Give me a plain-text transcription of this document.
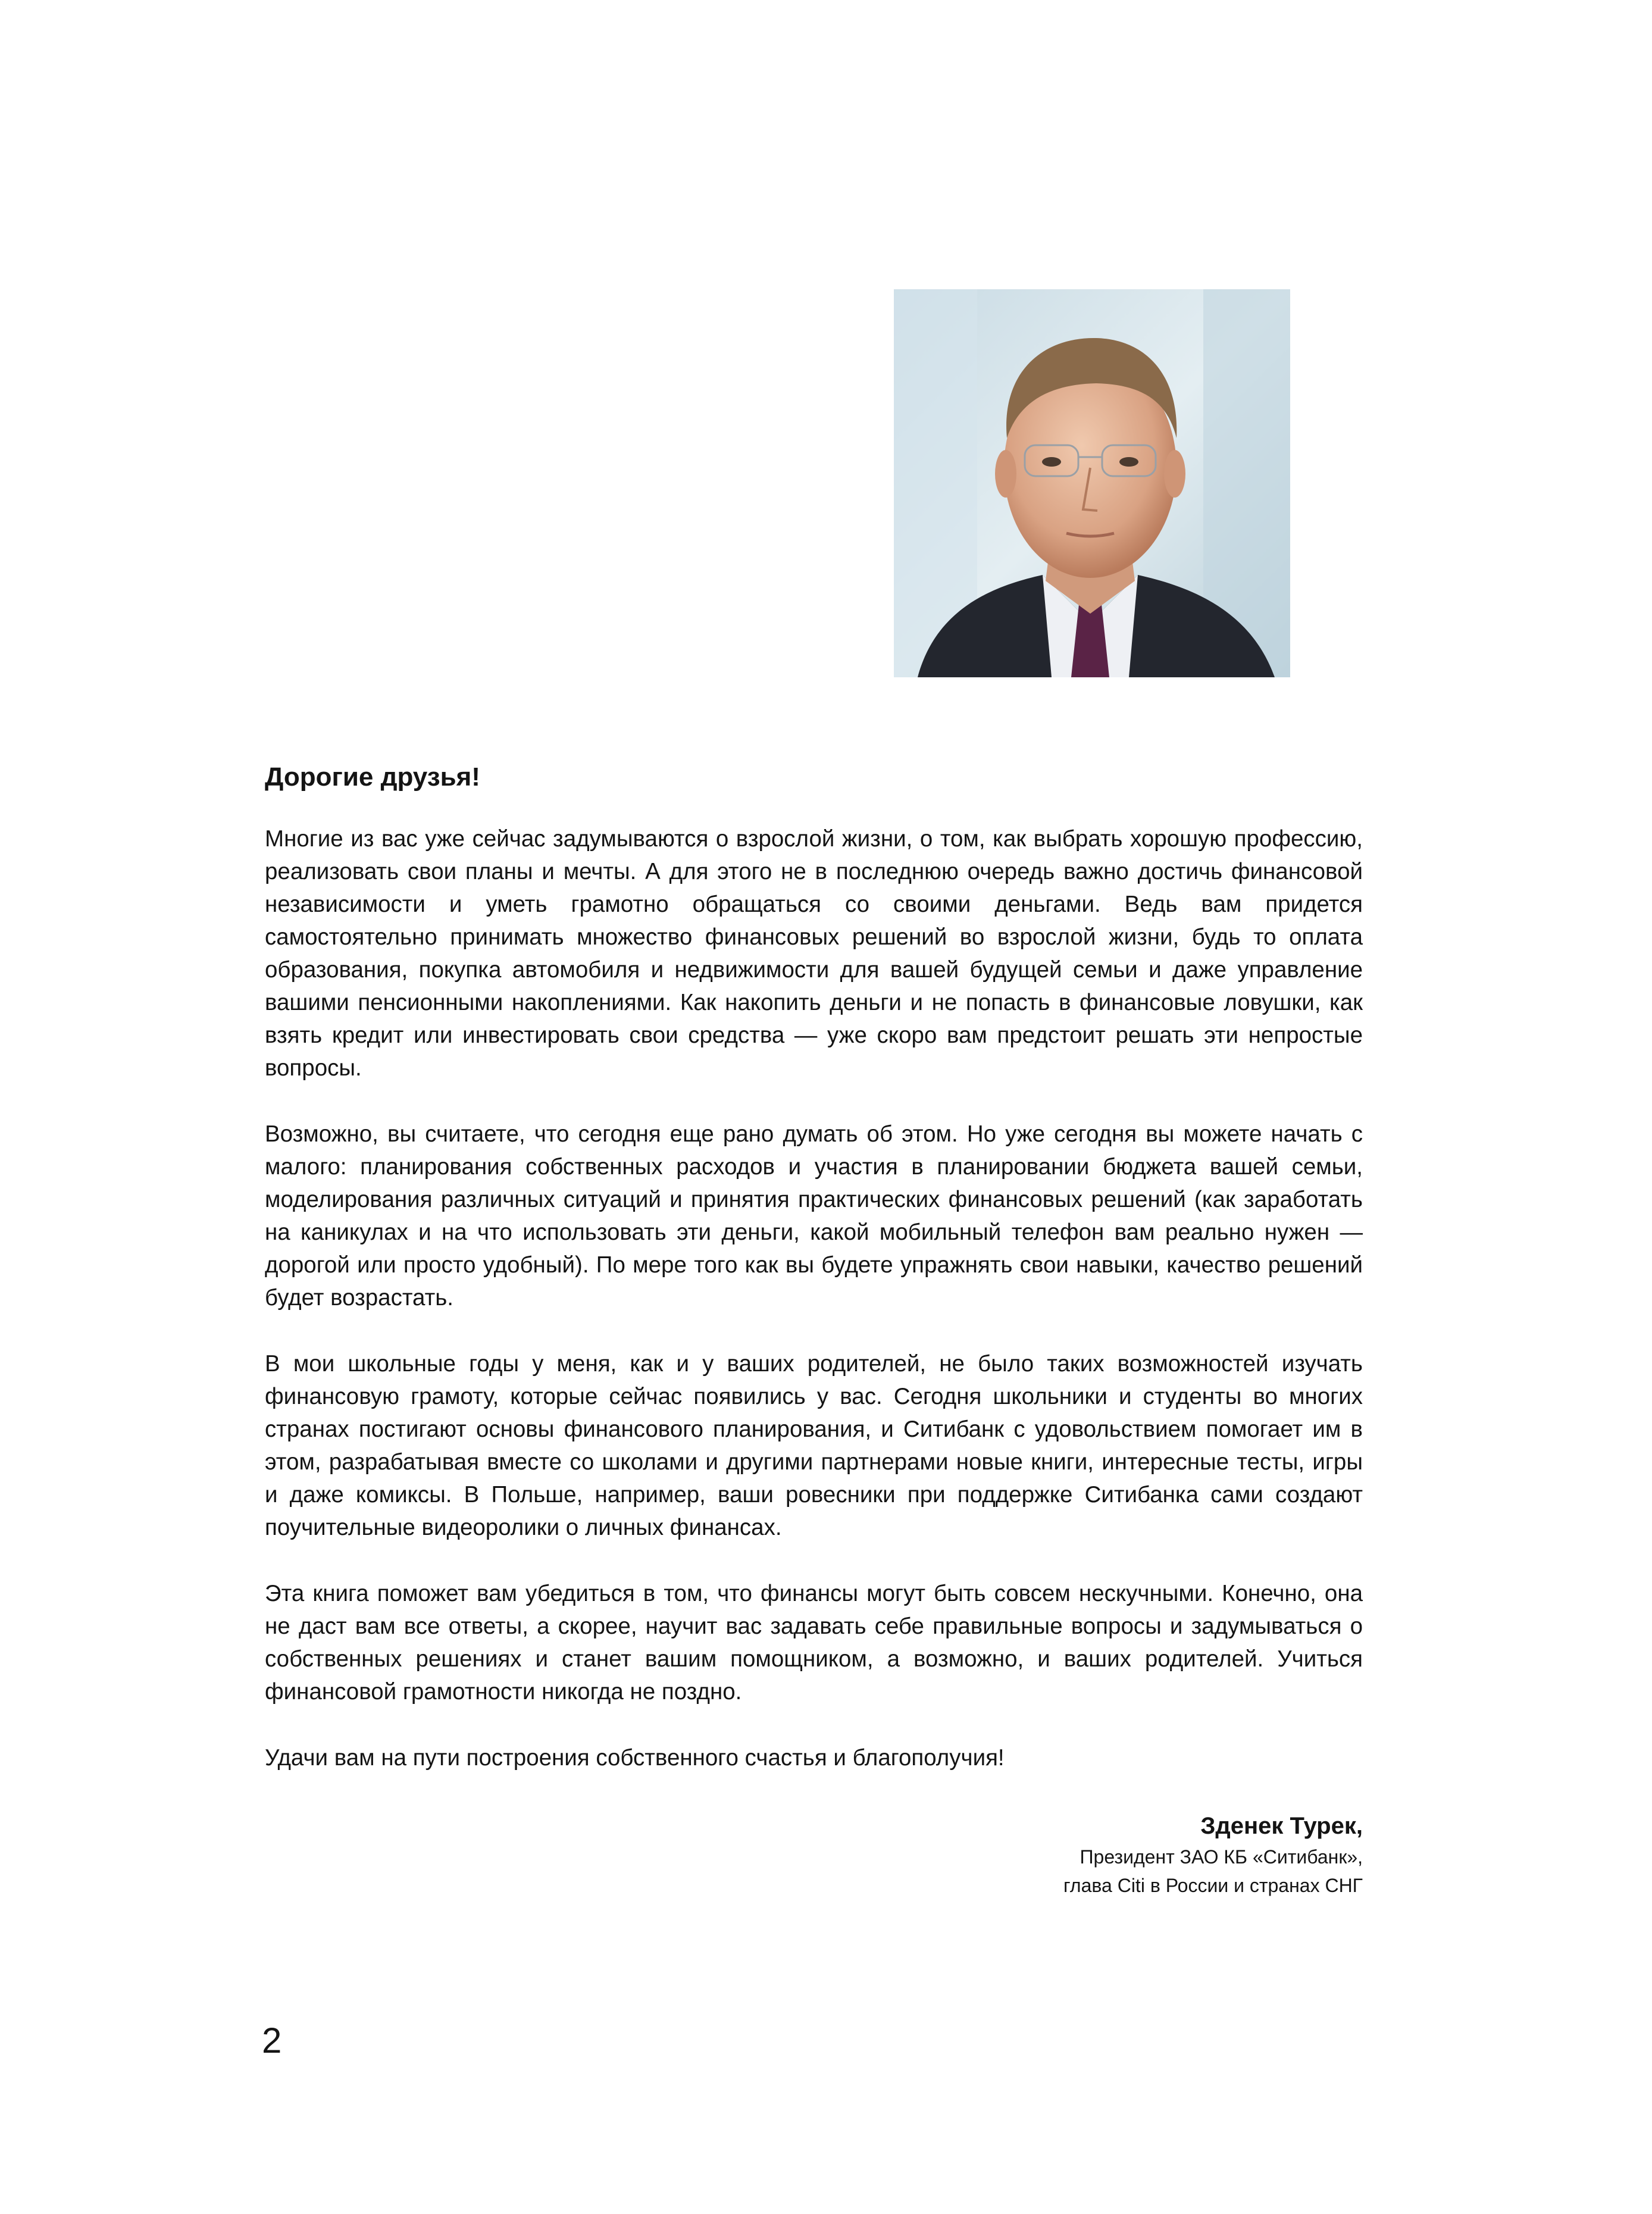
Дорогие друзья!

Многие из вас уже сейчас задумываются о взрослой жизни, о том, как выбрать хорошую профессию, реализовать свои планы и мечты. А для этого не в последнюю очередь важно достичь финансовой независимости и уметь грамотно обращаться со своими деньгами. Ведь вам придется самостоятельно принимать множество финансовых решений во взрослой жизни, будь то оплата образования, покупка автомобиля и недвижимости для вашей будущей семьи и даже управление вашими пенсионными накоплениями. Как накопить деньги и не попасть в финансовые ловушки, как взять кредит или инвестировать свои средства — уже скоро вам предстоит решать эти непростые вопросы.

Возможно, вы считаете, что сегодня еще рано думать об этом. Но уже сегодня вы можете начать с малого: планирования собственных расходов и участия в планировании бюджета вашей семьи, моделирования различных ситуаций и принятия практических финансовых решений (как заработать на каникулах и на что использовать эти деньги, какой мобильный телефон вам реально нужен — дорогой или просто удобный). По мере того как вы будете упражнять свои навыки, качество решений будет возрастать.

В мои школьные годы у меня, как и у ваших родителей, не было таких возможностей изучать финансовую грамоту, которые сейчас появились у вас. Сегодня школьники и студенты во многих странах постигают основы финансового планирования, и Ситибанк с удовольствием помогает им в этом, разрабатывая вместе со школами и другими партнерами новые книги, интересные тесты, игры и даже комиксы. В Польше, например, ваши ровесники при поддержке Ситибанка сами создают поучительные видеоролики о личных финансах.

Эта книга поможет вам убедиться в том, что финансы могут быть совсем нескучными. Конечно, она не даст вам все ответы, а скорее, научит вас задавать себе правильные вопросы и задумываться о собственных решениях и станет вашим помощником, а возможно, и ваших родителей. Учиться финансовой грамотности никогда не поздно.

Удачи вам на пути построения собственного счастья и благополучия!

Зденек Турек,
Президент ЗАО КБ «Ситибанк»,
глава Citi в России и странах СНГ
2
